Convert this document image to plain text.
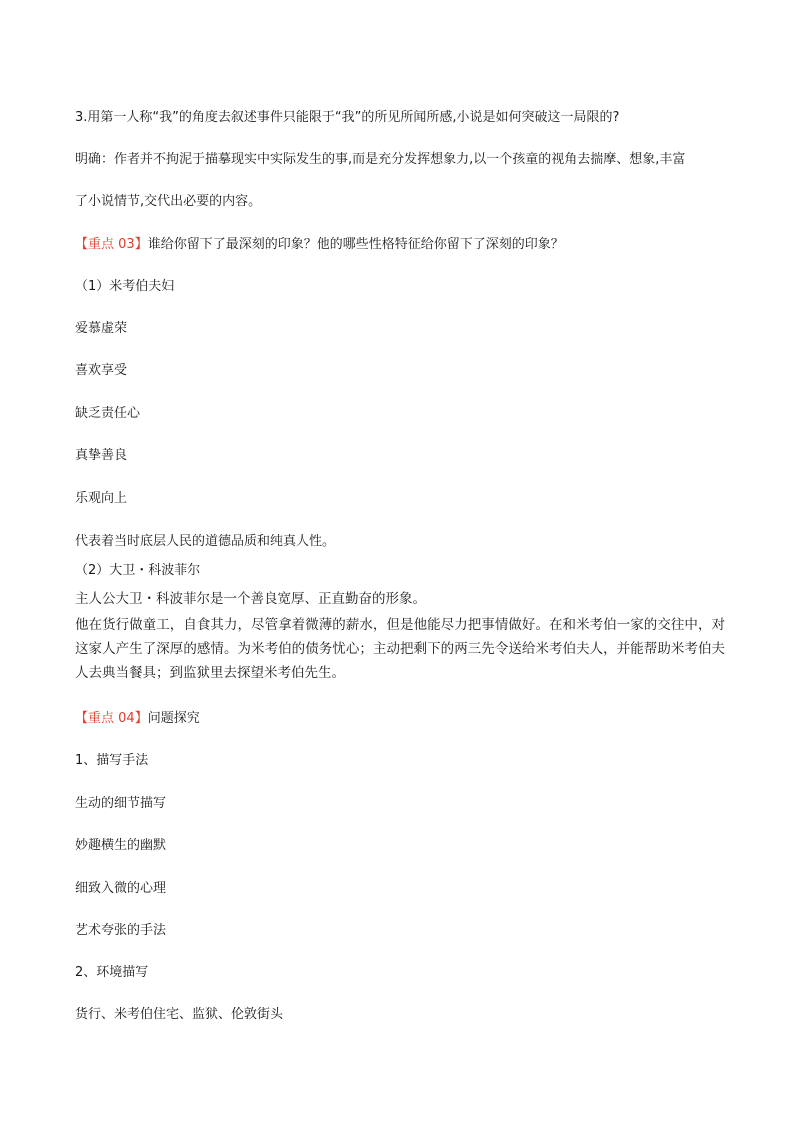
3.用第一人称“我”的角度去叙述事件只能限于“我”的所见所闻所感,小说是如何突破这一局限的?
明确：作者并不拘泥于描摹现实中实际发生的事,而是充分发挥想象力,以一个孩童的视角去揣摩、想象,丰富
了小说情节,交代出必要的内容。
【重点 03】谁给你留下了最深刻的印象？他的哪些性格特征给你留下了深刻的印象？
（1）米考伯夫妇
爱慕虚荣
喜欢享受
缺乏责任心
真挚善良
乐观向上
代表着当时底层人民的道德品质和纯真人性。
（2）大卫・科波菲尔
主人公大卫・科波菲尔是一个善良宽厚、正直勤奋的形象。
他在货行做童工，自食其力，尽管拿着微薄的薪水，但是他能尽力把事情做好。在和米考伯一家的交往中，对这家人产生了深厚的感情。为米考伯的债务忧心；主动把剩下的两三先令送给米考伯夫人，并能帮助米考伯夫人去典当餐具；到监狱里去探望米考伯先生。
【重点 04】问题探究
1、描写手法
生动的细节描写
妙趣横生的幽默
细致入微的心理
艺术夸张的手法
2、环境描写
货行、米考伯住宅、监狱、伦敦街头
